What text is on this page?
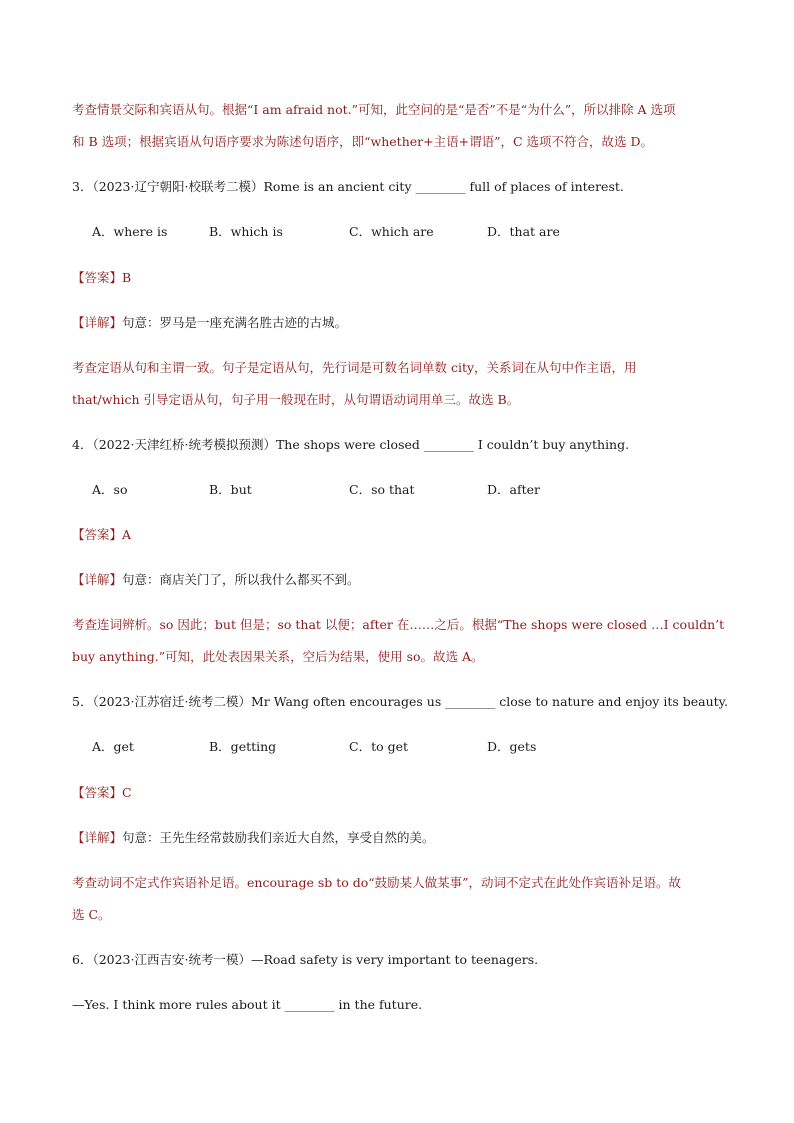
考查情景交际和宾语从句。根据“I am afraid not.”可知，此空问的是“是否”不是“为什么”，所以排除 A 选项
和 B 选项；根据宾语从句语序要求为陈述句语序，即“whether+主语+谓语”，C 选项不符合，故选 D。
3．（2023·辽宁朝阳·校联考二模）Rome is an ancient city ________ full of places of interest.
A．where is	B．which is	C．which are	D．that are
【答案】B
【详解】句意：罗马是一座充满名胜古迹的古城。
考查定语从句和主谓一致。句子是定语从句，先行词是可数名词单数 city，关系词在从句中作主语，用
that/which 引导定语从句，句子用一般现在时，从句谓语动词用单三。故选 B。
4．（2022·天津红桥·统考模拟预测）The shops were closed ________ I couldn’t buy anything.
A．so	B．but	C．so that	D．after
【答案】A
【详解】句意：商店关门了，所以我什么都买不到。
考查连词辨析。so 因此；but 但是；so that 以便；after 在……之后。根据“The shops were closed …I couldn’t
buy anything.”可知，此处表因果关系，空后为结果，使用 so。故选 A。
5．（2023·江苏宿迁·统考二模）Mr Wang often encourages us ________ close to nature and enjoy its beauty.
A．get	B．getting	C．to get	D．gets
【答案】C
【详解】句意：王先生经常鼓励我们亲近大自然，享受自然的美。
考查动词不定式作宾语补足语。encourage sb to do“鼓励某人做某事”，动词不定式在此处作宾语补足语。故
选 C。
6．（2023·江西吉安·统考一模）—Road safety is very important to teenagers.
—Yes. I think more rules about it ________ in the future.
